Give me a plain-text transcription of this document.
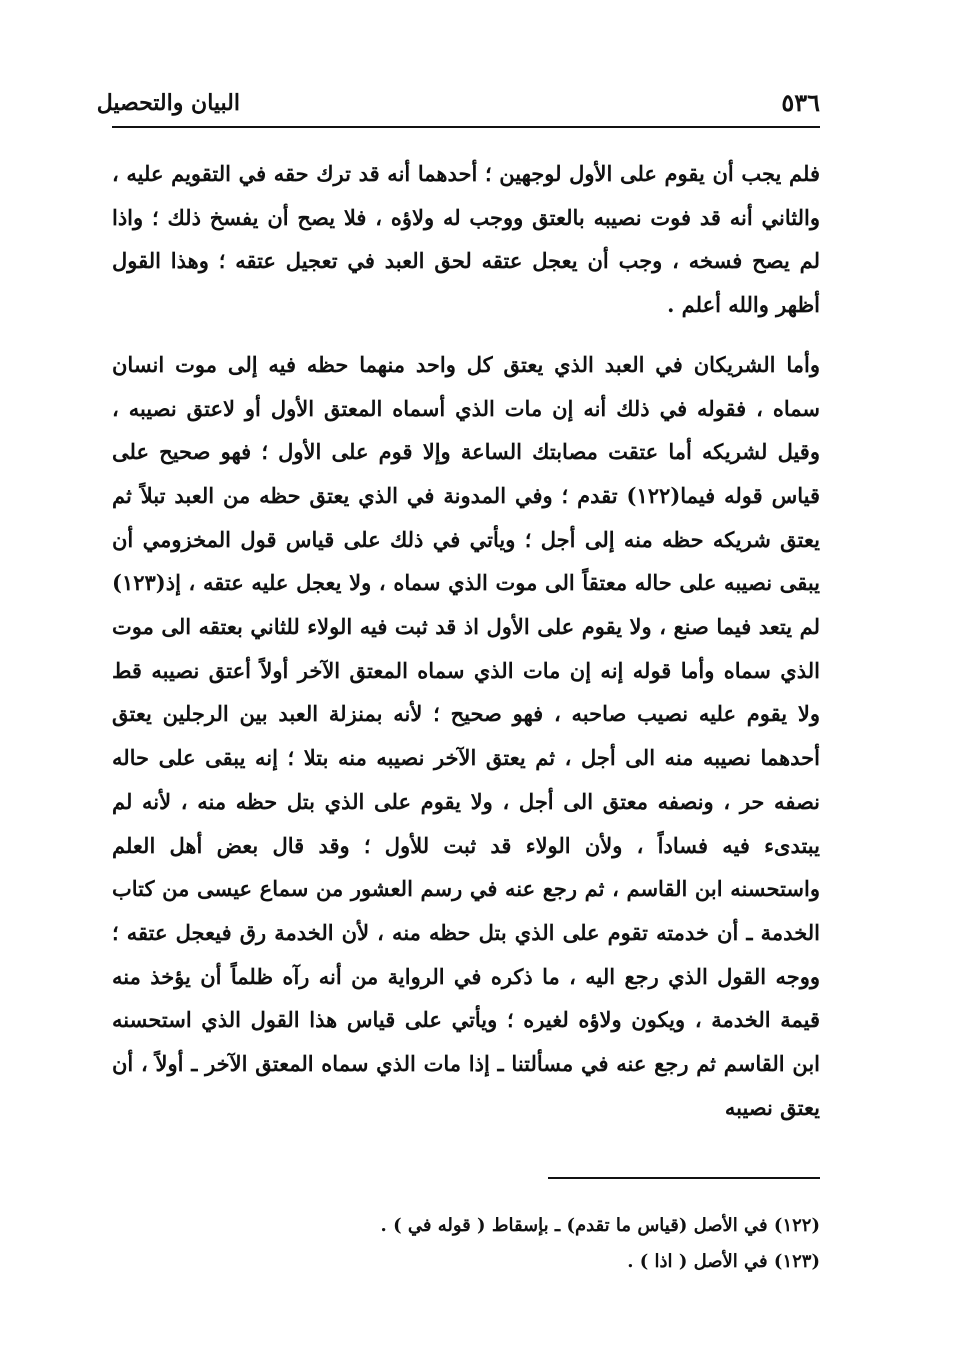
البيان والتحصيل	٥٣٦

فلم يجب أن يقوم على الأول لوجهين ؛ أحدهما أنه قد ترك حقه في التقويم عليه ، والثاني أنه قد فوت نصيبه بالعتق ووجب له ولاؤه ، فلا يصح أن يفسخ ذلك ؛ واذا لم يصح فسخه ، وجب أن يعجل عتقه لحق العبد في تعجيل عتقه ؛ وهذا القول أظهر والله أعلم .

وأما الشريكان في العبد الذي يعتق كل واحد منهما حظه فيه إلى موت انسان سماه ، فقوله في ذلك أنه إن مات الذي أسماه المعتق الأول أو لاعتق نصيبه ، وقيل لشريكه أما عتقت مصابتك الساعة وإلا قوم على الأول ؛ فهو صحيح على قياس قوله فيما(١٢٢) تقدم ؛ وفي المدونة في الذي يعتق حظه من العبد تبلاً ثم يعتق شريكه حظه منه إلى أجل ؛ ويأتي في ذلك على قياس قول المخزومي أن يبقى نصيبه على حاله معتقاً الى موت الذي سماه ، ولا يعجل عليه عتقه ، إذ(١٢٣) لم يتعد فيما صنع ، ولا يقوم على الأول اذ قد ثبت فيه الولاء للثاني بعتقه الى موت الذي سماه وأما قوله إنه إن مات الذي سماه المعتق الآخر أولاً أعتق نصيبه قط ولا يقوم عليه نصيب صاحبه ، فهو صحيح ؛ لأنه بمنزلة العبد بين الرجلين يعتق أحدهما نصيبه منه الى أجل ، ثم يعتق الآخر نصيبه منه بتلا ؛ إنه يبقى على حاله نصفه حر ، ونصفه معتق الى أجل ، ولا يقوم على الذي بتل حظه منه ، لأنه لم يبتدىء فيه فساداً ، ولأن الولاء قد ثبت للأول ؛ وقد قال بعض أهل العلم واستحسنه ابن القاسم ، ثم رجع عنه في رسم العشور من سماع عيسى من كتاب الخدمة ـ أن خدمته تقوم على الذي بتل حظه منه ، لأن الخدمة رق فيعجل عتقه ؛ ووجه القول الذي رجع اليه ، ما ذكره في الرواية من أنه رآه ظلماً أن يؤخذ منه قيمة الخدمة ، ويكون ولاؤه لغيره ؛ ويأتي على قياس هذا القول الذي استحسنه ابن القاسم ثم رجع عنه في مسألتنا ـ إذا مات الذي سماه المعتق الآخر ـ أولاً ، أن يعتق نصيبه

(١٢٢) في الأصل (قياس ما تقدم) ـ بإسقاط ( قوله في ) .
(١٢٣) في الأصل ( اذا ) .
